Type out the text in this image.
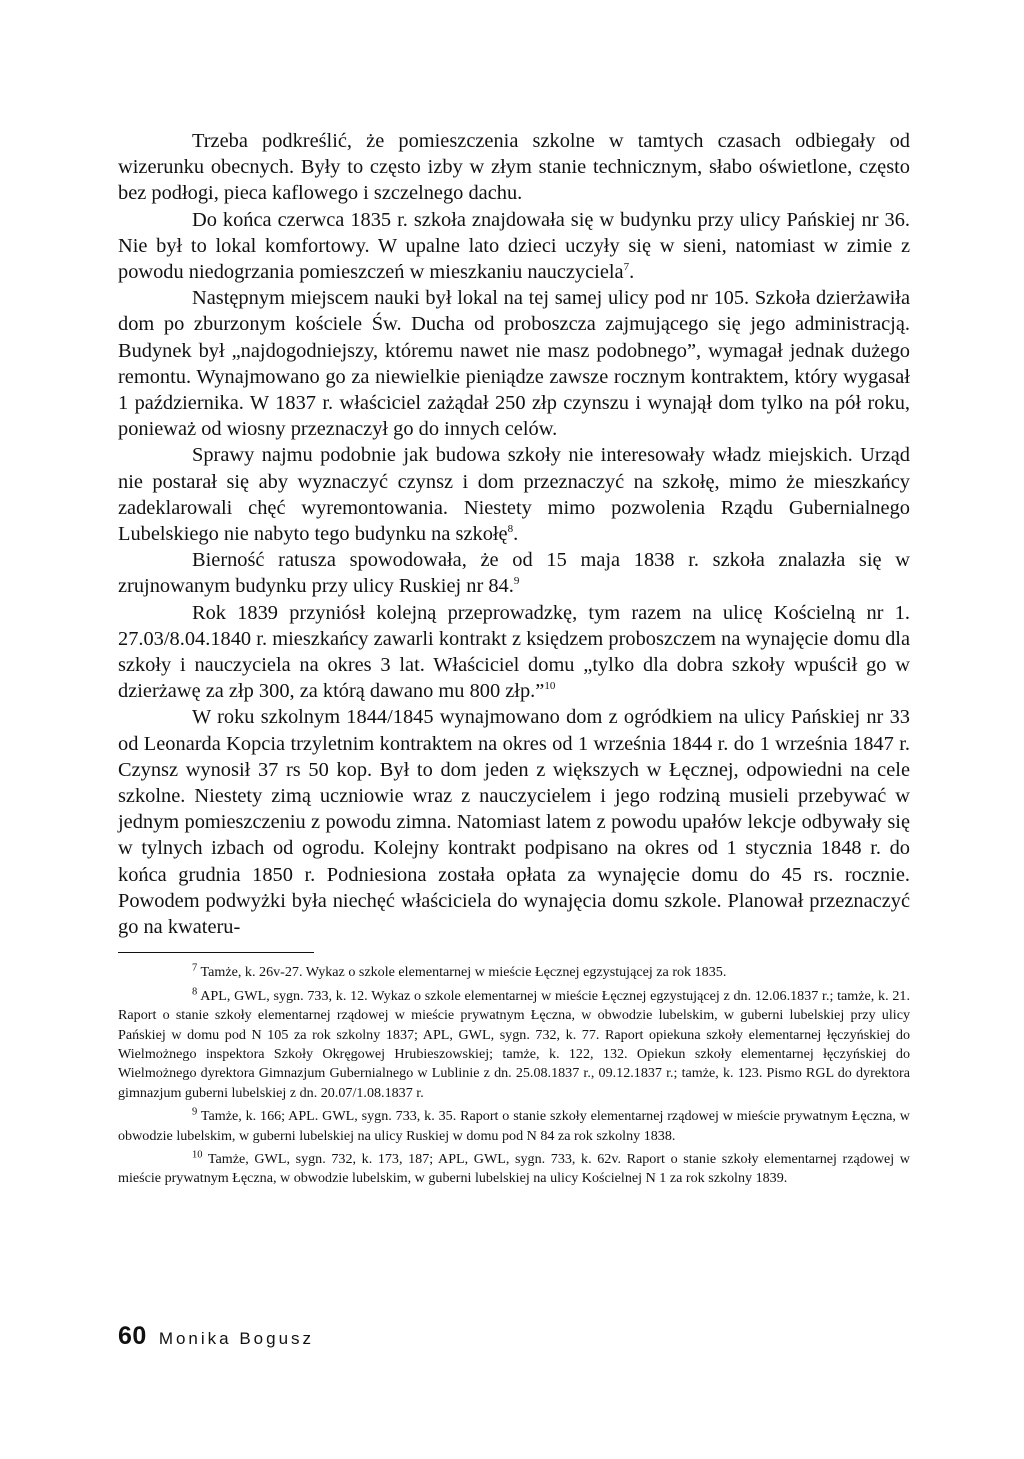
Trzeba podkreślić, że pomieszczenia szkolne w tamtych czasach odbiegały od wizerunku obecnych. Były to często izby w złym stanie technicznym, słabo oświetlone, często bez podłogi, pieca kaflowego i szczelnego dachu.

Do końca czerwca 1835 r. szkoła znajdowała się w budynku przy ulicy Pańskiej nr 36. Nie był to lokal komfortowy. W upalne lato dzieci uczyły się w sieni, natomiast w zimie z powodu niedogrzania pomieszczeń w mieszkaniu nauczyciela$^7$.

Następnym miejscem nauki był lokal na tej samej ulicy pod nr 105. Szkoła dzierżawiła dom po zburzonym kościele Św. Ducha od proboszcza zajmującego się jego administracją. Budynek był „najdogodniejszy, któremu nawet nie masz podobnego”, wymagał jednak dużego remontu. Wynajmowano go za niewielkie pieniądze zawsze rocznym kontraktem, który wygasał 1 października. W 1837 r. właściciel zażądał 250 złp czynszu i wynajął dom tylko na pół roku, ponieważ od wiosny przeznaczył go do innych celów.

Sprawy najmu podobnie jak budowa szkoły nie interesowały władz miejskich. Urząd nie postarał się aby wyznaczyć czynsz i dom przeznaczyć na szkołę, mimo że mieszkańcy zadeklarowali chęć wyremontowania. Niestety mimo pozwolenia Rządu Gubernialnego Lubelskiego nie nabyto tego budynku na szkołę$^8$.

Bierność ratusza spowodowała, że od 15 maja 1838 r. szkoła znalazła się w zrujnowanym budynku przy ulicy Ruskiej nr 84.$^9$

Rok 1839 przyniósł kolejną przeprowadzkę, tym razem na ulicę Kościelną nr 1. 27.03/8.04.1840 r. mieszkańcy zawarli kontrakt z księdzem proboszczem na wynajęcie domu dla szkoły i nauczyciela na okres 3 lat. Właściciel domu „tylko dla dobra szkoły wpuścił go w dzierżawę za złp 300, za którą dawano mu 800 złp.”$^{10}$

W roku szkolnym 1844/1845 wynajmowano dom z ogródkiem na ulicy Pańskiej nr 33 od Leonarda Kopcia trzyletnim kontraktem na okres od 1 września 1844 r. do 1 września 1847 r. Czynsz wynosił 37 rs 50 kop. Był to dom jeden z większych w Łęcznej, odpowiedni na cele szkolne. Niestety zimą uczniowie wraz z nauczycielem i jego rodziną musieli przebywać w jednym pomieszczeniu z powodu zimna. Natomiast latem z powodu upałów lekcje odbywały się w tylnych izbach od ogrodu. Kolejny kontrakt podpisano na okres od 1 stycznia 1848 r. do końca grudnia 1850 r. Podniesiona została opłata za wynajęcie domu do 45 rs. rocznie. Powodem podwyżki była niechęć właściciela do wynajęcia domu szkole. Planował przeznaczyć go na kwateru-

$^7$ Tamże, k. 26v-27. Wykaz o szkole elementarnej w mieście Łęcznej egzystującej za rok 1835.

$^8$ APL, GWL, sygn. 733, k. 12. Wykaz o szkole elementarnej w mieście Łęcznej egzystującej z dn. 12.06.1837 r.; tamże, k. 21. Raport o stanie szkoły elementarnej rządowej w mieście prywatnym Łęczna, w obwodzie lubelskim, w guberni lubelskiej przy ulicy Pańskiej w domu pod N 105 za rok szkolny 1837; APL, GWL, sygn. 732, k. 77. Raport opiekuna szkoły elementarnej łęczyńskiej do Wielmożnego inspektora Szkoły Okręgowej Hrubieszowskiej; tamże, k. 122, 132. Opiekun szkoły elementarnej łęczyńskiej do Wielmożnego dyrektora Gimnazjum Gubernialnego w Lublinie z dn. 25.08.1837 r., 09.12.1837 r.; tamże, k. 123. Pismo RGL do dyrektora gimnazjum guberni lubelskiej z dn. 20.07/1.08.1837 r.

$^9$ Tamże, k. 166; APL. GWL, sygn. 733, k. 35. Raport o stanie szkoły elementarnej rządowej w mieście prywatnym Łęczna, w obwodzie lubelskim, w guberni lubelskiej na ulicy Ruskiej w domu pod N 84 za rok szkolny 1838.

$^{10}$ Tamże, GWL, sygn. 732, k. 173, 187; APL, GWL, sygn. 733, k. 62v. Raport o stanie szkoły elementarnej rządowej w mieście prywatnym Łęczna, w obwodzie lubelskim, w guberni lubelskiej na ulicy Kościelnej N 1 za rok szkolny 1839.

60 Monika Bogusz
